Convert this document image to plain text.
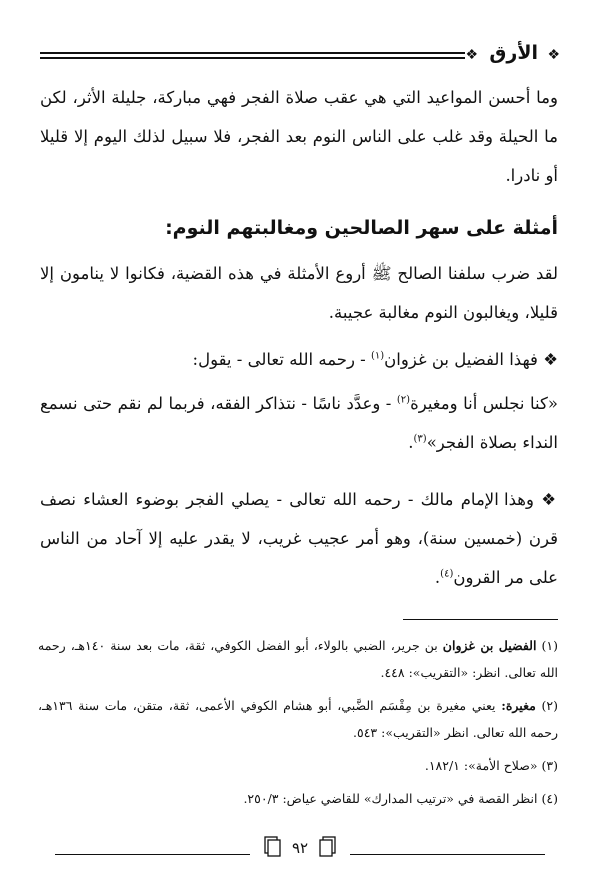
❖
الأرق
❖
وما أحسن المواعيد التي هي عقب صلاة الفجر فهي مباركة، جليلة الأثر، لكن ما الحيلة وقد غلب على الناس النوم بعد الفجر، فلا سبيل لذلك اليوم إلا قليلا أو نادرا.
أمثلة على سهر الصالحين ومغالبتهم النوم:
لقد ضرب سلفنا الصالح ﷺ أروع الأمثلة في هذه القضية، فكانوا لا ينامون إلا قليلا، ويغالبون النوم مغالبة عجيبة.
❖ فهذا الفضيل بن غزوان$^{(١)}$ - رحمه الله تعالى - يقول:
«كنا نجلس أنا ومغيرة$^{(٢)}$ - وعدَّد ناسًا - نتذاكر الفقه، فربما لم نقم حتى نسمع النداء بصلاة الفجر»$^{(٣)}$.
❖ وهذا الإمام مالك - رحمه الله تعالى - يصلي الفجر بوضوء العشاء نصف قرن (خمسين سنة)، وهو أمر عجيب غريب، لا يقدر عليه إلا آحاد من الناس على مر القرون$^{(٤)}$.
(١) الفضيل بن غزوان بن جرير، الضبي بالولاء، أبو الفضل الكوفي، ثقة، مات بعد سنة ١٤٠هـ، رحمه الله تعالى. انظر: «التقريب»: ٤٤٨.
(٢) مغيرة: يعني مغيرة بن مِقْسَم الضَّبي، أبو هشام الكوفي الأعمى، ثقة، متقن، مات سنة ١٣٦هـ، رحمه الله تعالى. انظر «التقريب»: ٥٤٣.
(٣) «صلاح الأمة»: ١٨٢/١.
(٤) انظر القصة في «ترتيب المدارك» للقاضي عياض: ٢٥٠/٣.
٩٢
